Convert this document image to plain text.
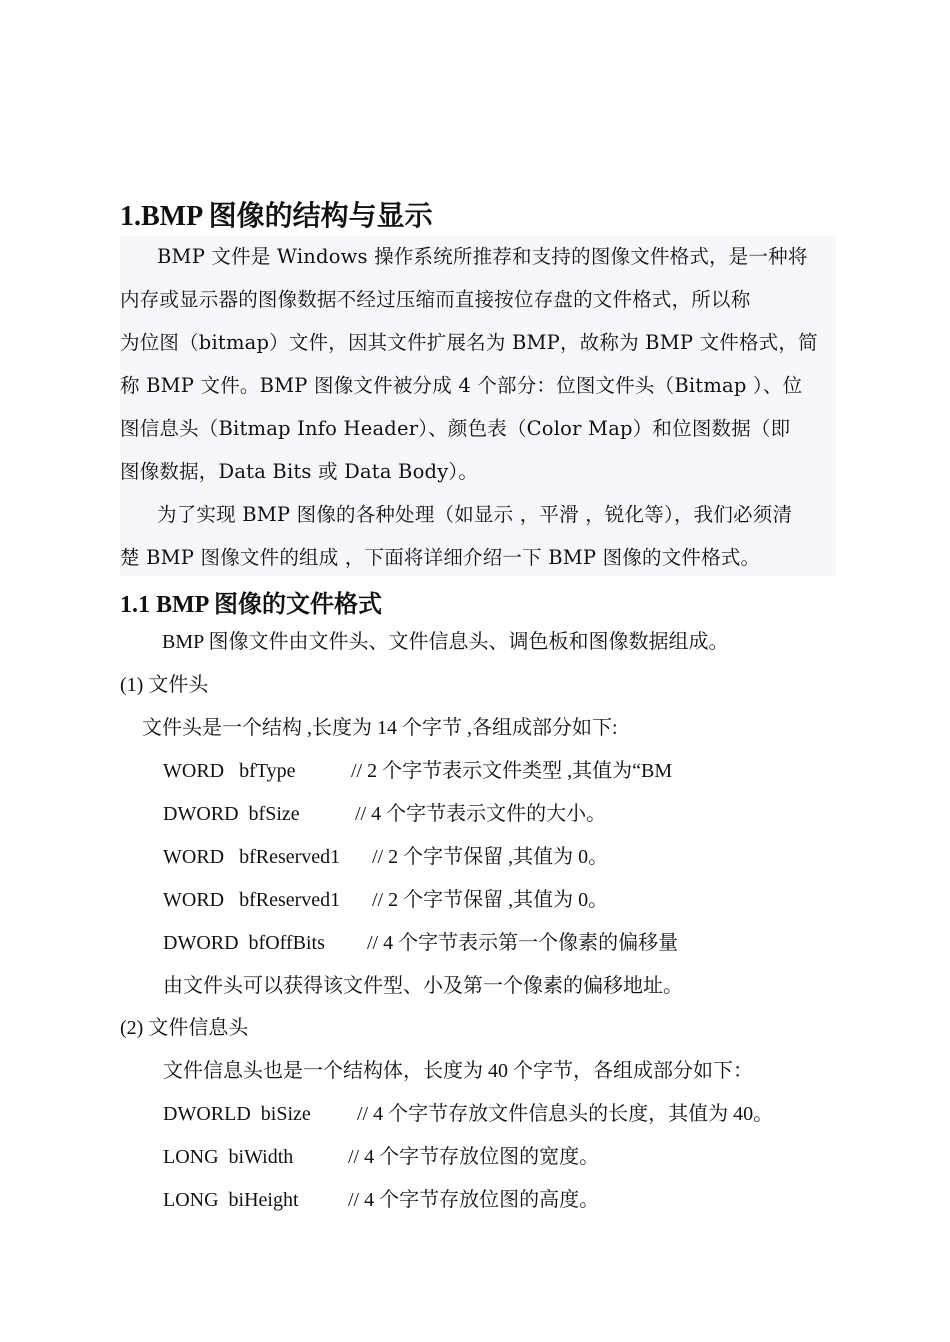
1.BMP 图像的结构与显示
BMP 文件是 Windows 操作系统所推荐和支持的图像文件格式，是一种将
内存或显示器的图像数据不经过压缩而直接按位存盘的文件格式，所以称
为位图（bitmap）文件，因其文件扩展名为 BMP，故称为 BMP 文件格式，简
称 BMP 文件。BMP 图像文件被分成 4 个部分：位图文件头（Bitmap ）、位
图信息头（Bitmap Info Header）、颜色表（Color Map）和位图数据（即
图像数据，Data Bits 或 Data Body）。
为了实现 BMP 图像的各种处理（如显示 ，平滑 ，锐化等），我们必须清
楚 BMP 图像文件的组成 ，下面将详细介绍一下 BMP 图像的文件格式。
1.1 BMP 图像的文件格式
BMP 图像文件由文件头、文件信息头、调色板和图像数据组成。
(1) 文件头
文件头是一个结构 ,长度为 14 个字节 ,各组成部分如下:
WORD bfType	// 2 个字节表示文件类型 ,其值为“BM
DWORD bfSize	// 4 个字节表示文件的大小。
WORD bfReserved1 // 2 个字节保留 ,其值为 0。
WORD bfReserved1 // 2 个字节保留 ,其值为 0。
DWORD bfOffBits // 4 个字节表示第一个像素的偏移量
由文件头可以获得该文件型、小及第一个像素的偏移地址。
(2) 文件信息头
文件信息头也是一个结构体，长度为 40 个字节，各组成部分如下：
DWORLD biSize // 4 个字节存放文件信息头的长度，其值为 40。
LONG biWidth	// 4 个字节存放位图的宽度。
LONG biHeight // 4 个字节存放位图的高度。
